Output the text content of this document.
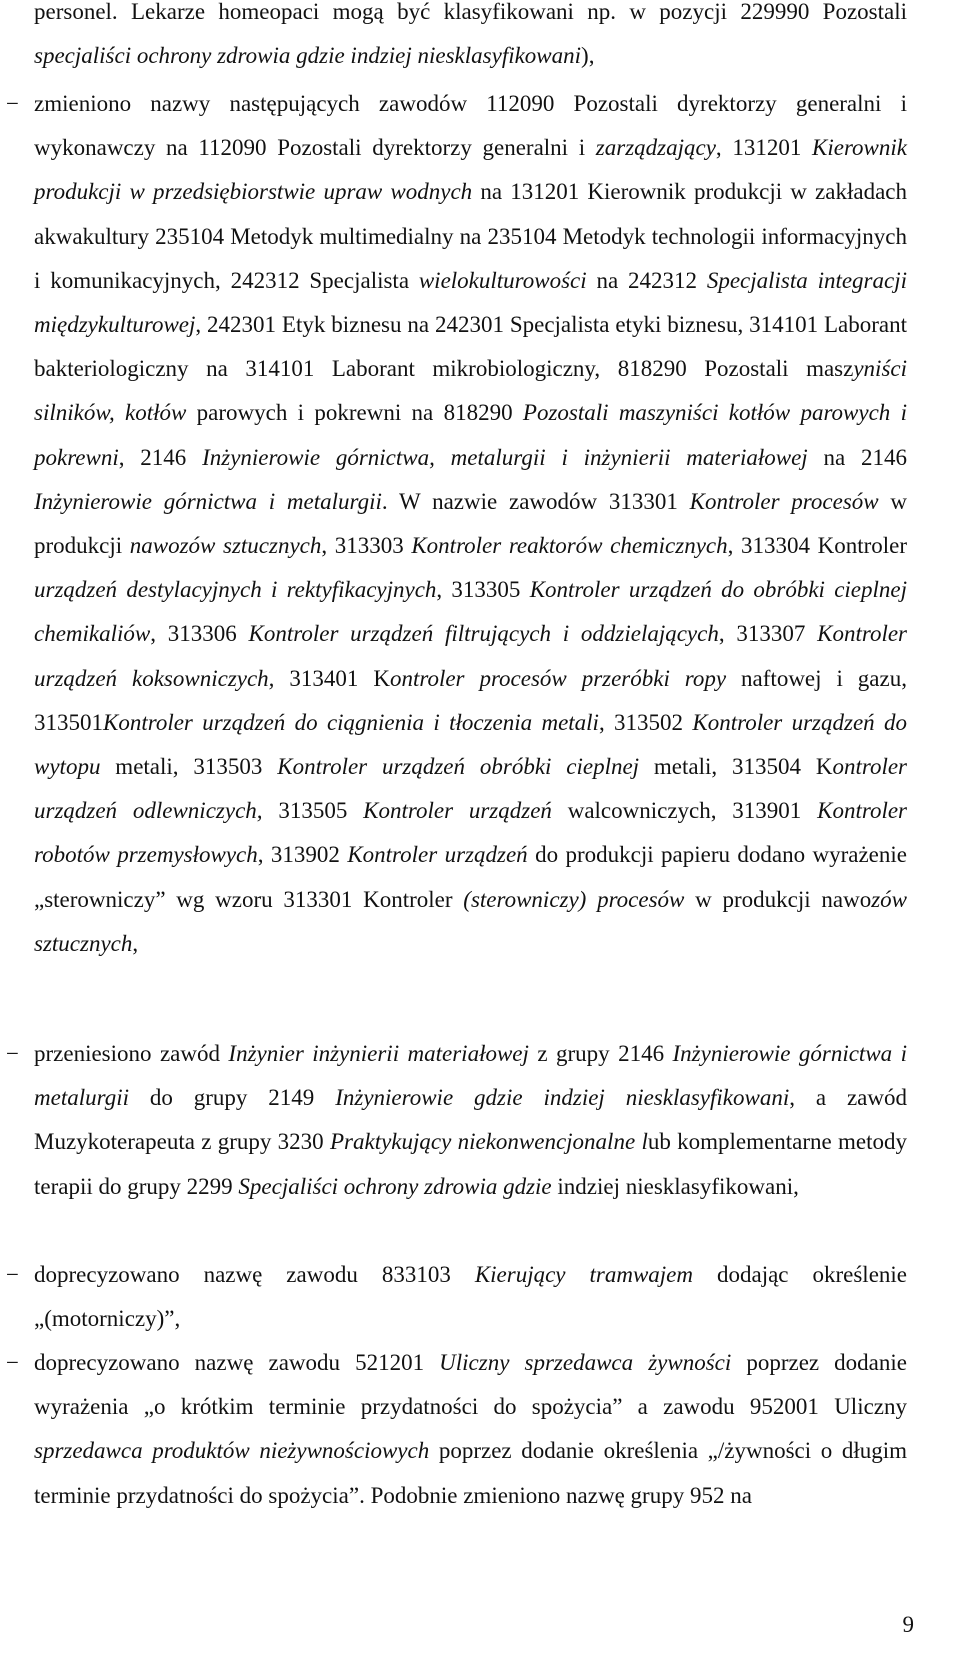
personel. Lekarze homeopaci mogą być klasyfikowani np. w pozycji 229990 Pozostali specjaliści ochrony zdrowia gdzie indziej niesklasyfikowani),

− zmieniono nazwy następujących zawodów 112090 Pozostali dyrektorzy generalni i wykonawczy na 112090 Pozostali dyrektorzy generalni i zarządzający, 131201 Kierownik produkcji w przedsiębiorstwie upraw wodnych na 131201 Kierownik produkcji w zakładach akwakultury 235104 Metodyk multimedialny na 235104 Metodyk technologii informacyjnych i komunikacyjnych, 242312 Specjalista wielokulturowości na 242312 Specjalista integracji międzykulturowej, 242301 Etyk biznesu na 242301 Specjalista etyki biznesu, 314101 Laborant bakteriologiczny na 314101 Laborant mikrobiologiczny, 818290 Pozostali maszyniści silników, kotłów parowych i pokrewni na 818290 Pozostali maszyniści kotłów parowych i pokrewni, 2146 Inżynierowie górnictwa, metalurgii i inżynierii materiałowej na 2146 Inżynierowie górnictwa i metalurgii. W nazwie zawodów 313301 Kontroler procesów w produkcji nawozów sztucznych, 313303 Kontroler reaktorów chemicznych, 313304 Kontroler urządzeń destylacyjnych i rektyfikacyjnych, 313305 Kontroler urządzeń do obróbki cieplnej chemikaliów, 313306 Kontroler urządzeń filtrujących i oddzielających, 313307 Kontroler urządzeń koksowniczych, 313401 Kontroler procesów przeróbki ropy naftowej i gazu, 313501Kontroler urządzeń do ciągnienia i tłoczenia metali, 313502 Kontroler urządzeń do wytopu metali, 313503 Kontroler urządzeń obróbki cieplnej metali, 313504 Kontroler urządzeń odlewniczych, 313505 Kontroler urządzeń walcowniczych, 313901 Kontroler robotów przemysłowych, 313902 Kontroler urządzeń do produkcji papieru dodano wyrażenie „sterowniczy” wg wzoru 313301 Kontroler (sterowniczy) procesów w produkcji nawozów sztucznych,

− przeniesiono zawód Inżynier inżynierii materiałowej z grupy 2146 Inżynierowie górnictwa i metalurgii do grupy 2149 Inżynierowie gdzie indziej niesklasyfikowani, a zawód Muzykoterapeuta z grupy 3230 Praktykujący niekonwencjonalne lub komplementarne metody terapii do grupy 2299 Specjaliści ochrony zdrowia gdzie indziej niesklasyfikowani,

− doprecyzowano nazwę zawodu 833103 Kierujący tramwajem dodając określenie „(motorniczy)”,

− doprecyzowano nazwę zawodu 521201 Uliczny sprzedawca żywności poprzez dodanie wyrażenia „o krótkim terminie przydatności do spożycia” a zawodu 952001 Uliczny sprzedawca produktów nieżywnościowych poprzez dodanie określenia „/żywności o długim terminie przydatności do spożycia”. Podobnie zmieniono nazwę grupy 952 na

9
